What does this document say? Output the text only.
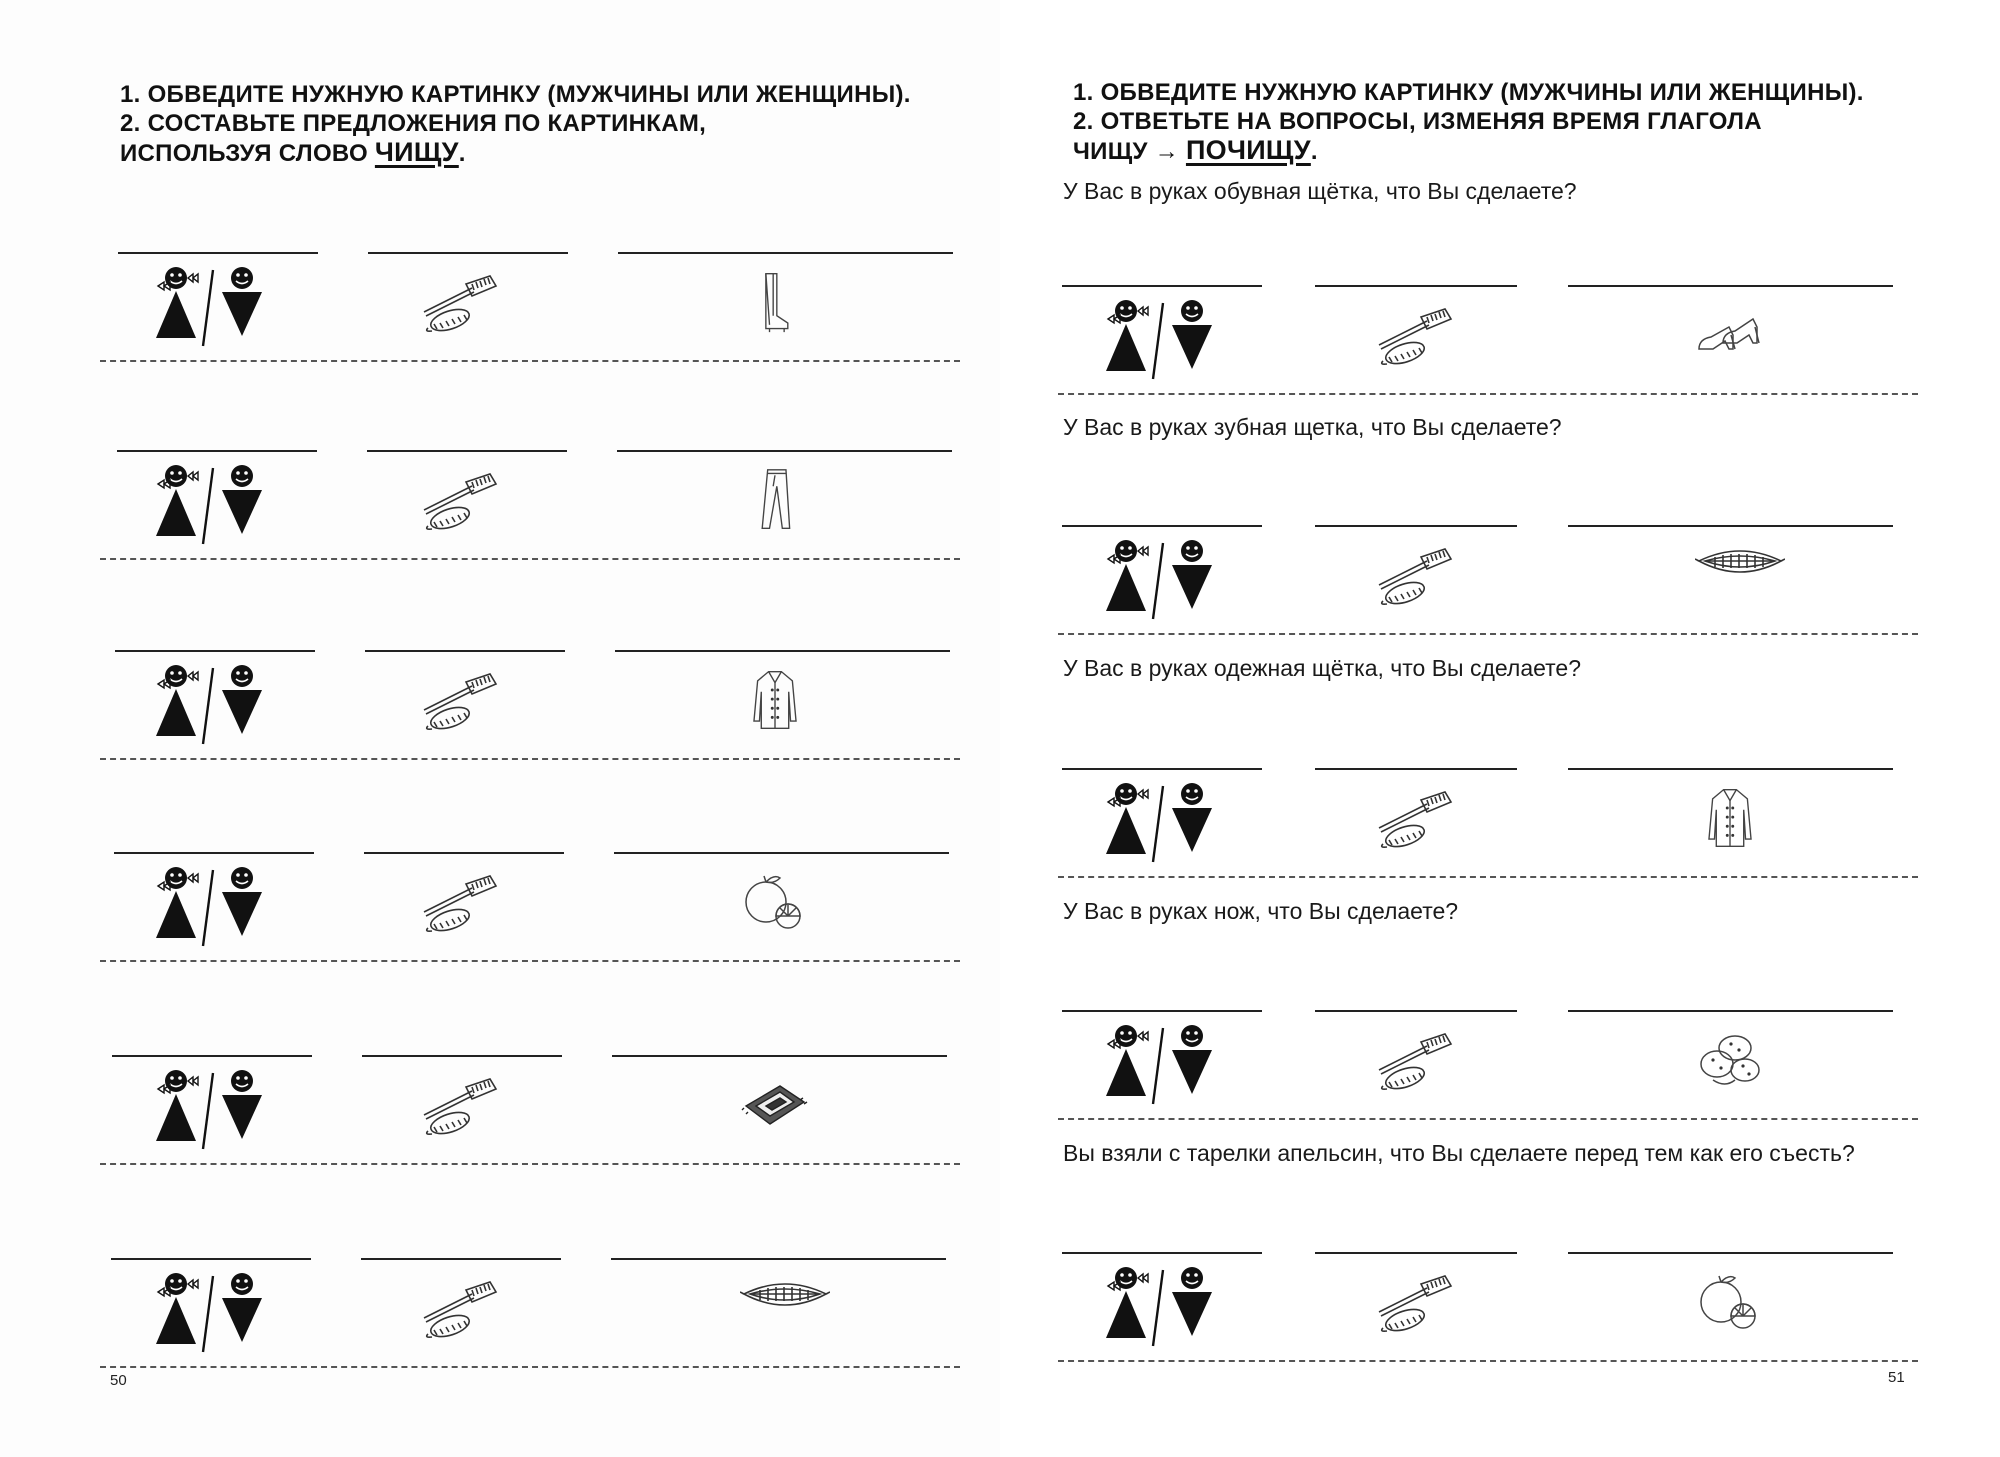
1. ОБВЕДИТЕ НУЖНУЮ КАРТИНКУ (МУЖЧИНЫ ИЛИ ЖЕНЩИНЫ).
2. СОСТАВЬТЕ ПРЕДЛОЖЕНИЯ ПО КАРТИНКАМ,
ИСПОЛЬЗУЯ СЛОВО ЧИЩУ.
50
1. ОБВЕДИТЕ НУЖНУЮ КАРТИНКУ (МУЖЧИНЫ ИЛИ ЖЕНЩИНЫ).
2. ОТВЕТЬТЕ НА ВОПРОСЫ, ИЗМЕНЯЯ ВРЕМЯ ГЛАГОЛА
ЧИЩУ → ПОЧИЩУ.
У Вас в руках обувная щётка, что Вы сделаете?
У Вас в руках зубная щетка, что Вы сделаете?
У Вас в руках одежная щётка, что Вы сделаете?
У Вас в руках нож, что Вы сделаете?
Вы взяли с тарелки апельсин, что Вы сделаете перед тем как его съесть?
51
